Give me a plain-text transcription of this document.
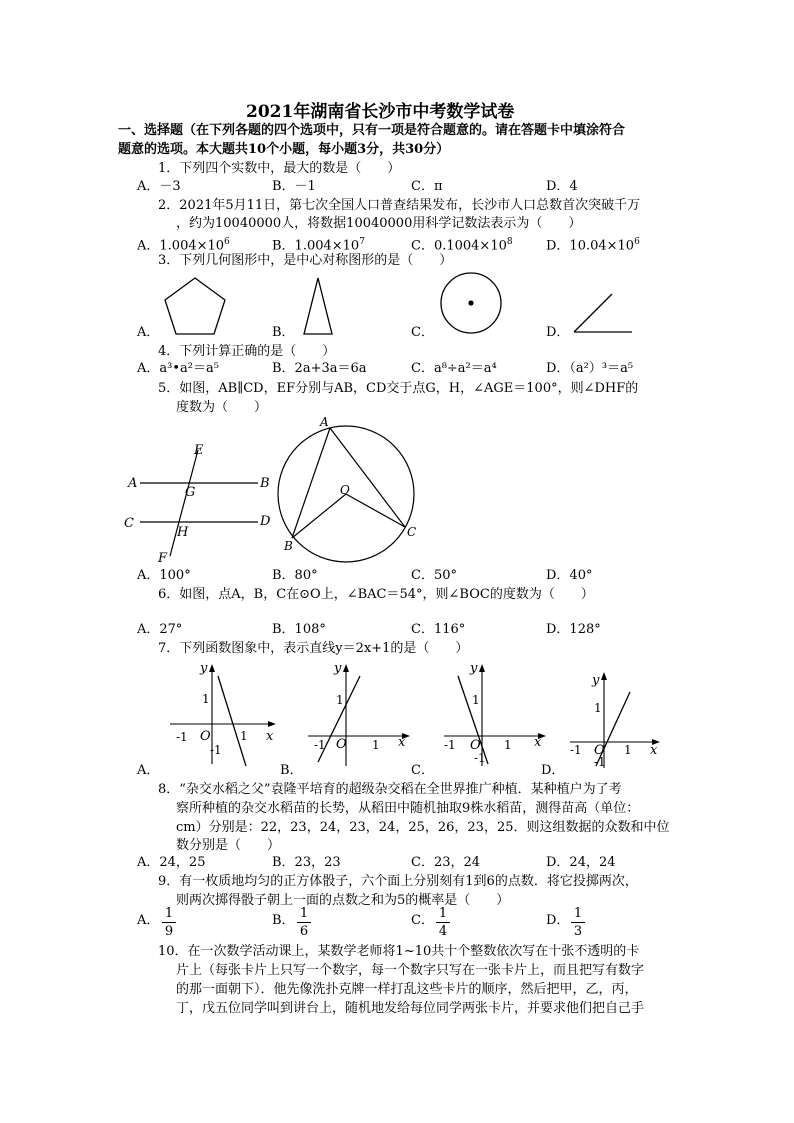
2021年湖南省长沙市中考数学试卷
一、选择题（在下列各题的四个选项中，只有一项是符合题意的。请在答题卡中填涂符合
题意的选项。本大题共10个小题，每小题3分，共30分）
1．下列四个实数中，最大的数是（　　）
A．－3	B．－1	C．π	D．4
2．2021年5月11日，第七次全国人口普查结果发布，长沙市人口总数首次突破千万
，约为10040000人，将数据10040000用科学记数法表示为（　　）
A．$1.004\times 10^6$	B．$1.004\times 10^7$	C．$0.1004\times 10^8$	D．$10.04\times 10^6$
3．下列几何图形中，是中心对称图形的是（　　）
A．	B．	C．	D．
4．下列计算正确的是（　　）
A．a³•a²＝a⁵	B．2a+3a＝6a	C．a⁸÷a²＝a⁴	D．（a²）³＝a⁵
5．如图，AB∥CD，EF分别与AB，CD交于点G，H，∠AGE＝100°，则∠DHF的
度数为（　　）
E
A	B
G
C	D
H
F
A
O
B
C
A．100°	B．80°	C．50°	D．40°
6．如图，点A，B，C在⊙O上，∠BAC＝54°，则∠BOC的度数为（　　）
A．27°	B．108°	C．116°	D．128°
7．下列函数图象中，表示直线y＝2x+1的是（　　）
y
x
1
-1 O
-1
1
A．
y
x
1
-1 O 1
B．
y
x
1
-1 O
-1
1
C．
y
x
1
-1 O
-1
1
D．
8．“杂交水稻之父”袁隆平培育的超级杂交稻在全世界推广种植．某种植户为了考
察所种植的杂交水稻苗的长势，从稻田中随机抽取9株水稻苗，测得苗高（单位：
cm）分别是：22，23，24，23，24，25，26，23，25．则这组数据的众数和中位
数分别是（　　）
A．24，25	B．23，23	C．23，24	D．24，24
9．有一枚质地均匀的正方体骰子，六个面上分别刻有1到6的点数．将它投掷两次，
则两次掷得骰子朝上一面的点数之和为5的概率是（　　）
A． 1
9
B． 1
6
C． 1
4
D． 1
3
10．在一次数学活动课上，某数学老师将1~10共十个整数依次写在十张不透明的卡
片上（每张卡片上只写一个数字，每一个数字只写在一张卡片上，而且把写有数字
的那一面朝下）．他先像洗扑克牌一样打乱这些卡片的顺序，然后把甲，乙，丙，
丁，戊五位同学叫到讲台上，随机地发给每位同学两张卡片，并要求他们把自己手
